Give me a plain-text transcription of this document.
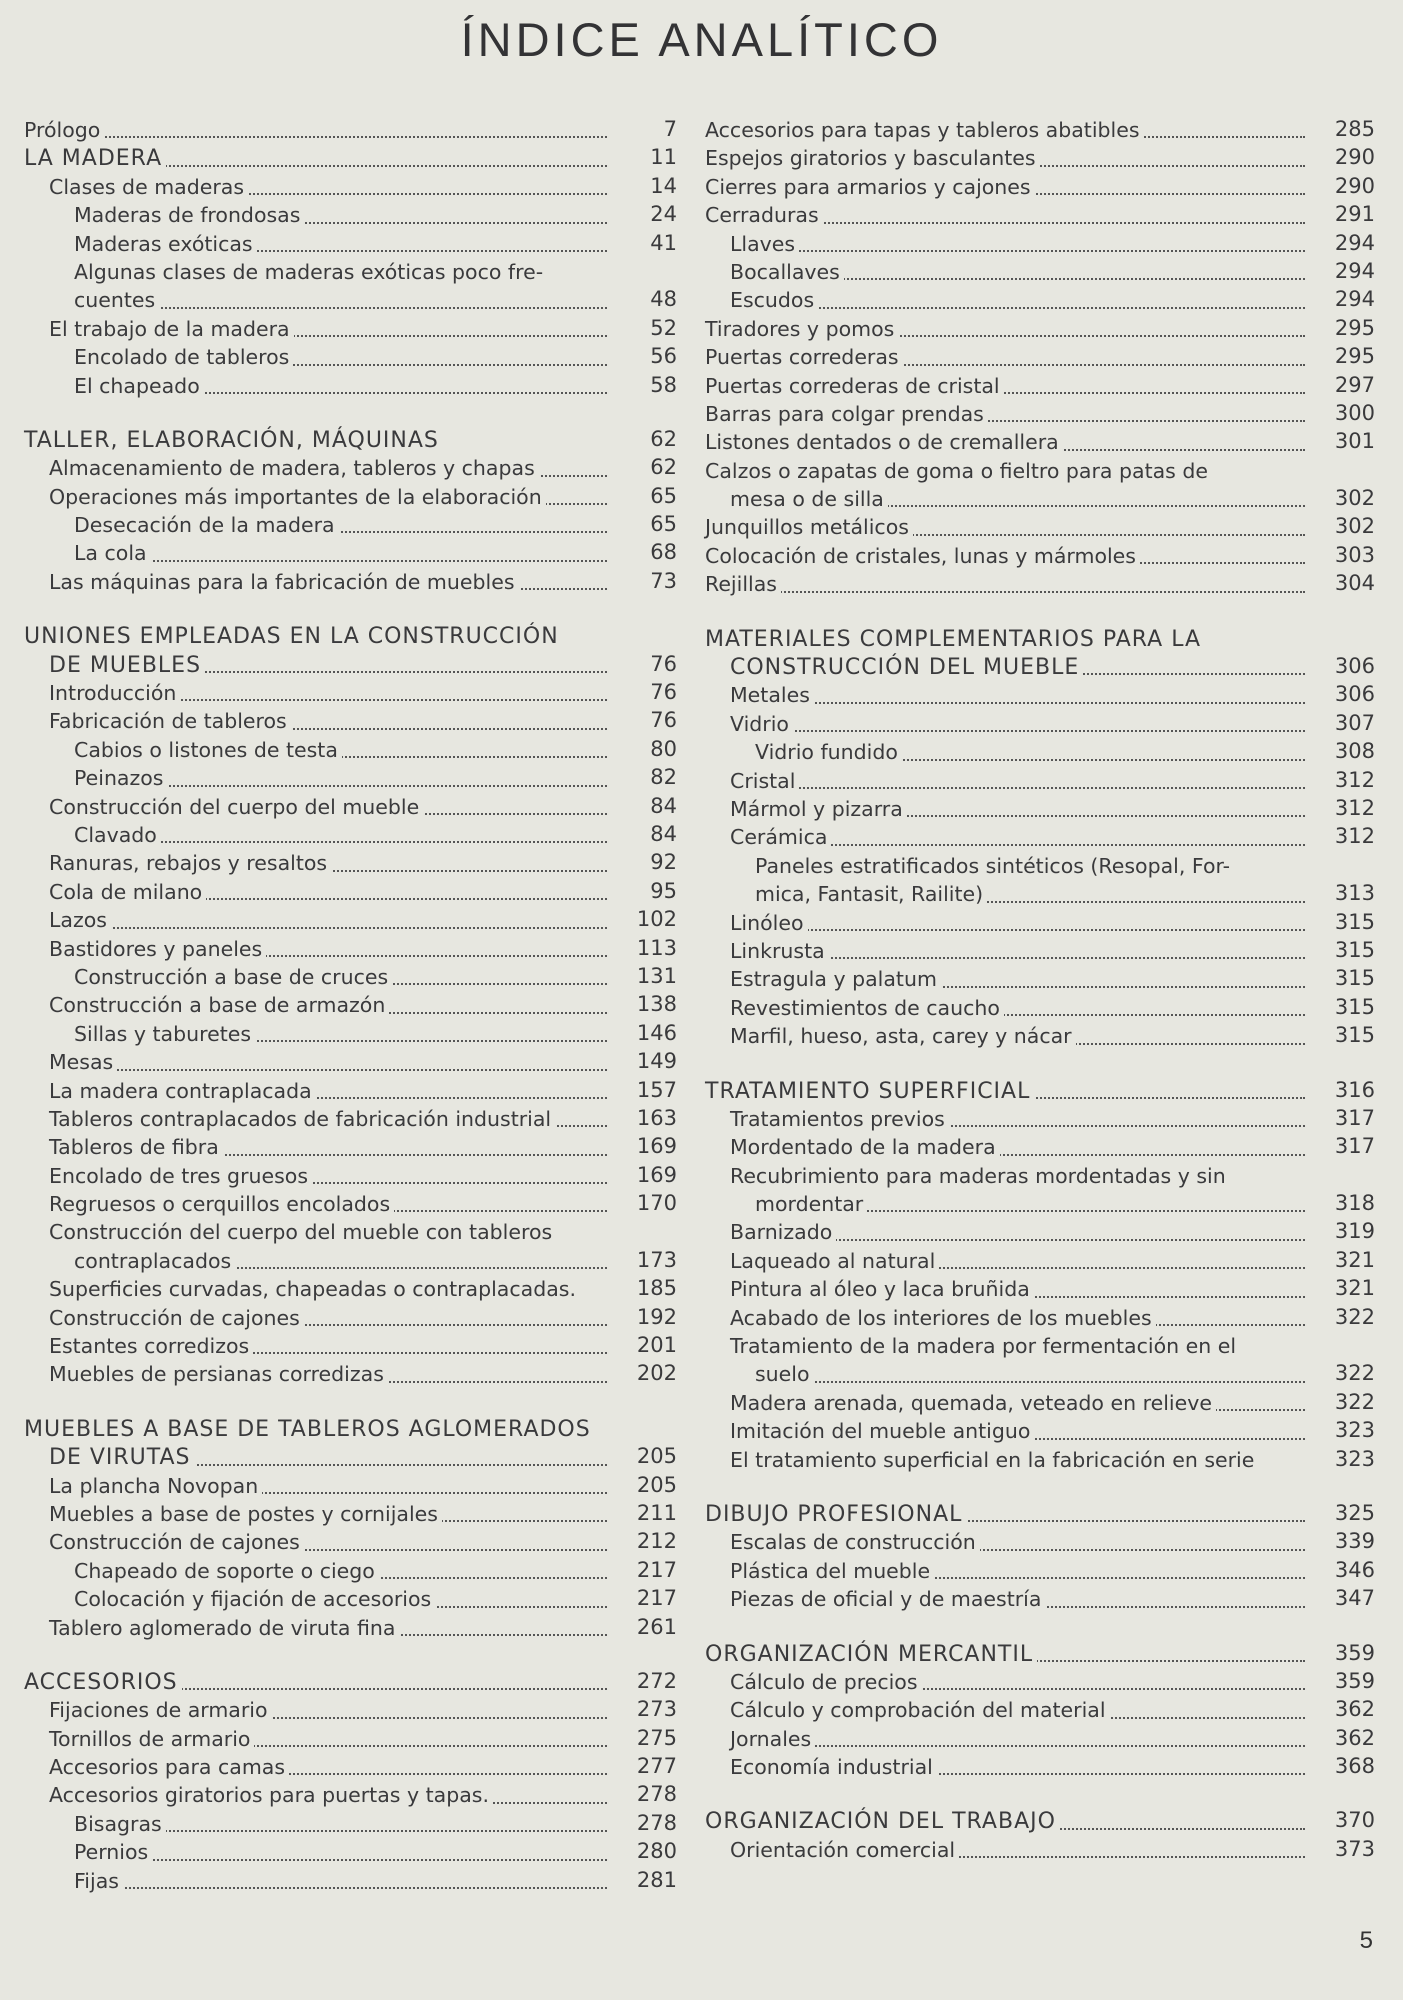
ÍNDICE ANALÍTICO
Prólogo	7
LA MADERA	11
Clases de maderas	14
Maderas de frondosas	24
Maderas exóticas	41
Algunas clases de maderas exóticas poco fre-
cuentes	48
El trabajo de la madera	52
Encolado de tableros	56
El chapeado	58
TALLER, ELABORACIÓN, MÁQUINAS	62
Almacenamiento de madera, tableros y chapas	62
Operaciones más importantes de la elaboración	65
Desecación de la madera	65
La cola	68
Las máquinas para la fabricación de muebles	73
UNIONES EMPLEADAS EN LA CONSTRUCCIÓN
DE MUEBLES	76
Introducción	76
Fabricación de tableros	76
Cabios o listones de testa	80
Peinazos	82
Construcción del cuerpo del mueble	84
Clavado	84
Ranuras, rebajos y resaltos	92
Cola de milano	95
Lazos	102
Bastidores y paneles	113
Construcción a base de cruces	131
Construcción a base de armazón	138
Sillas y taburetes	146
Mesas	149
La madera contraplacada	157
Tableros contraplacados de fabricación industrial	163
Tableros de fibra	169
Encolado de tres gruesos	169
Regruesos o cerquillos encolados	170
Construcción del cuerpo del mueble con tableros
contraplacados	173
Superficies curvadas, chapeadas o contraplacadas.	185
Construcción de cajones	192
Estantes corredizos	201
Muebles de persianas corredizas	202
MUEBLES A BASE DE TABLEROS AGLOMERADOS
DE VIRUTAS	205
La plancha Novopan	205
Muebles a base de postes y cornijales	211
Construcción de cajones	212
Chapeado de soporte o ciego	217
Colocación y fijación de accesorios	217
Tablero aglomerado de viruta fina	261
ACCESORIOS	272
Fijaciones de armario	273
Tornillos de armario	275
Accesorios para camas	277
Accesorios giratorios para puertas y tapas.	278
Bisagras	278
Pernios	280
Fijas	281
Accesorios para tapas y tableros abatibles	285
Espejos giratorios y basculantes	290
Cierres para armarios y cajones	290
Cerraduras	291
Llaves	294
Bocallaves	294
Escudos	294
Tiradores y pomos	295
Puertas correderas	295
Puertas correderas de cristal	297
Barras para colgar prendas	300
Listones dentados o de cremallera	301
Calzos o zapatas de goma o fieltro para patas de
mesa o de silla	302
Junquillos metálicos	302
Colocación de cristales, lunas y mármoles	303
Rejillas	304
MATERIALES COMPLEMENTARIOS PARA LA
CONSTRUCCIÓN DEL MUEBLE	306
Metales	306
Vidrio	307
Vidrio fundido	308
Cristal	312
Mármol y pizarra	312
Cerámica	312
Paneles estratificados sintéticos (Resopal, For-
mica, Fantasit, Railite)	313
Linóleo	315
Linkrusta	315
Estragula y palatum	315
Revestimientos de caucho	315
Marfil, hueso, asta, carey y nácar	315
TRATAMIENTO SUPERFICIAL	316
Tratamientos previos	317
Mordentado de la madera	317
Recubrimiento para maderas mordentadas y sin
mordentar	318
Barnizado	319
Laqueado al natural	321
Pintura al óleo y laca bruñida	321
Acabado de los interiores de los muebles	322
Tratamiento de la madera por fermentación en el
suelo	322
Madera arenada, quemada, veteado en relieve	322
Imitación del mueble antiguo	323
El tratamiento superficial en la fabricación en serie	323
DIBUJO PROFESIONAL	325
Escalas de construcción	339
Plástica del mueble	346
Piezas de oficial y de maestría	347
ORGANIZACIÓN MERCANTIL	359
Cálculo de precios	359
Cálculo y comprobación del material	362
Jornales	362
Economía industrial	368
ORGANIZACIÓN DEL TRABAJO	370
Orientación comercial	373
5
